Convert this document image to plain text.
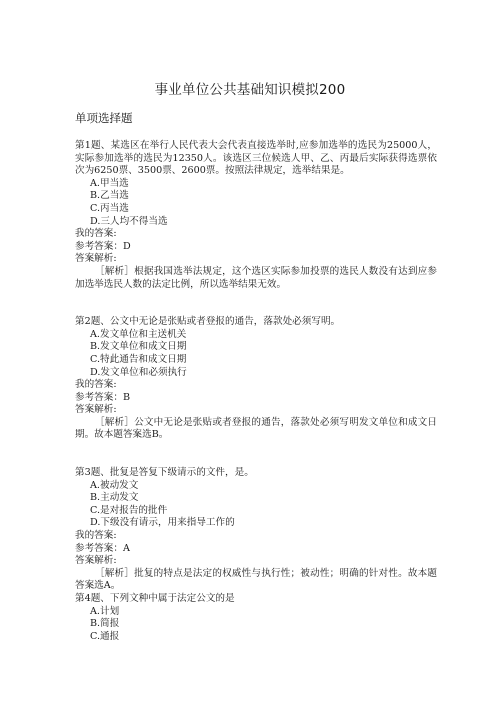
事业单位公共基础知识模拟200
单项选择题

第1题、某选区在举行人民代表大会代表直接选举时,应参加选举的选民为25000人，实际参加选举的选民为12350人。该选区三位候选人甲、乙、丙最后实际获得选票依次为6250票、3500票、2600票。按照法律规定，选举结果是。

A.甲当选
B.乙当选
C.丙当选
D.三人均不得当选

我的答案:

参考答案：D

答案解析:

［解析］根据我国选举法规定，这个选区实际参加投票的选民人数没有达到应参加选举选民人数的法定比例，所以选举结果无效。

第2题、公文中无论是张贴或者登报的通告，落款处必须写明。

A.发文单位和主送机关
B.发文单位和成文日期
C.特此通告和成文日期
D.发文单位和必须执行

我的答案:

参考答案：B

答案解析:

［解析］公文中无论是张贴或者登报的通告，落款处必须写明发文单位和成文日期。故本题答案选B。

第3题、批复是答复下级请示的文件，是。

A.被动发文
B.主动发文
C.是对报告的批件
D.下级没有请示，用来指导工作的

我的答案:

参考答案：A

答案解析:

［解析］批复的特点是法定的权威性与执行性；被动性；明确的针对性。故本题答案选A。

第4题、下列文种中属于法定公文的是

A.计划
B.简报
C.通报
